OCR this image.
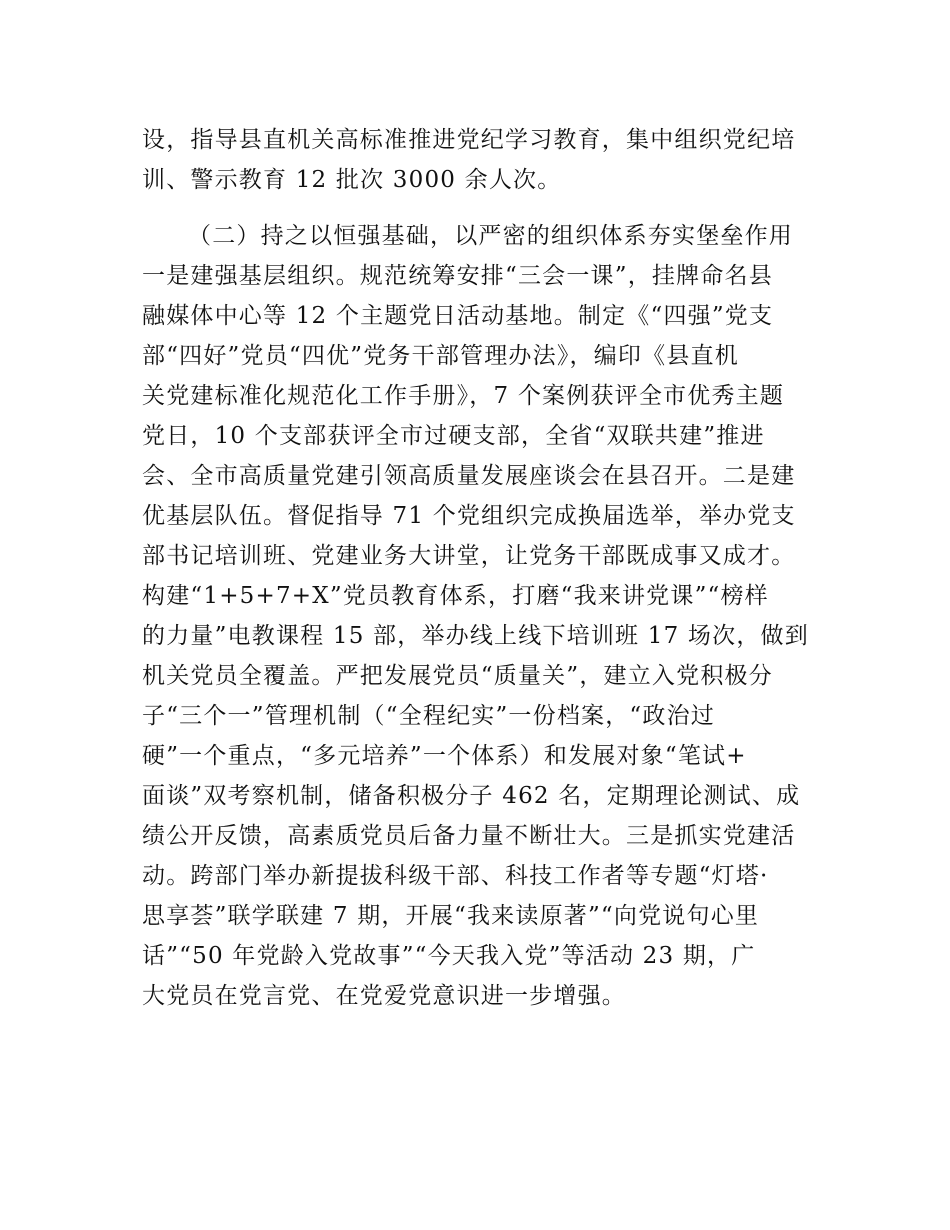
设，指导县直机关高标准推进党纪学习教育，集中组织党纪培
训、警示教育 12 批次 3000 余人次。
（二）持之以恒强基础，以严密的组织体系夯实堡垒作用
一是建强基层组织。规范统筹安排“三会一课”，挂牌命名县
融媒体中心等 12 个主题党日活动基地。制定《“四强”党支
部“四好”党员“四优”党务干部管理办法》，编印《县直机
关党建标准化规范化工作手册》，7 个案例获评全市优秀主题
党日，10 个支部获评全市过硬支部，全省“双联共建”推进
会、全市高质量党建引领高质量发展座谈会在县召开。二是建
优基层队伍。督促指导 71 个党组织完成换届选举，举办党支
部书记培训班、党建业务大讲堂，让党务干部既成事又成才。
构建“1+5+7+X”党员教育体系，打磨“我来讲党课”“榜样
的力量”电教课程 15 部，举办线上线下培训班 17 场次，做到
机关党员全覆盖。严把发展党员“质量关”，建立入党积极分
子“三个一”管理机制（“全程纪实”一份档案，“政治过
硬”一个重点，“多元培养”一个体系）和发展对象“笔试+
面谈”双考察机制，储备积极分子 462 名，定期理论测试、成
绩公开反馈，高素质党员后备力量不断壮大。三是抓实党建活
动。跨部门举办新提拔科级干部、科技工作者等专题“灯塔·
思享荟”联学联建 7 期，开展“我来读原著”“向党说句心里
话”“50 年党龄入党故事”“今天我入党”等活动 23 期，广
大党员在党言党、在党爱党意识进一步增强。
